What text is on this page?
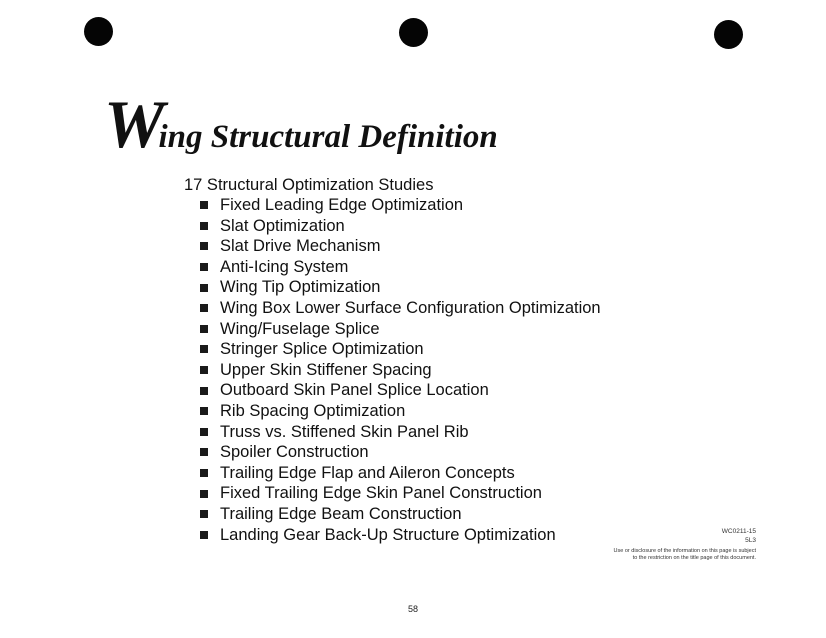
Wing Structural Definition
17 Structural Optimization Studies
Fixed Leading Edge Optimization
Slat Optimization
Slat Drive Mechanism
Anti-Icing System
Wing Tip Optimization
Wing Box Lower Surface Configuration Optimization
Wing/Fuselage Splice
Stringer Splice Optimization
Upper Skin Stiffener Spacing
Outboard Skin Panel Splice Location
Rib Spacing Optimization
Truss vs. Stiffened Skin Panel Rib
Spoiler Construction
Trailing Edge Flap and Aileron Concepts
Fixed Trailing Edge Skin Panel Construction
Trailing Edge Beam Construction
Landing Gear Back-Up Structure Optimization	WC0211-15
5L3
Use or disclosure of the information on this page is subject
to the restriction on the title page of this document.
58
